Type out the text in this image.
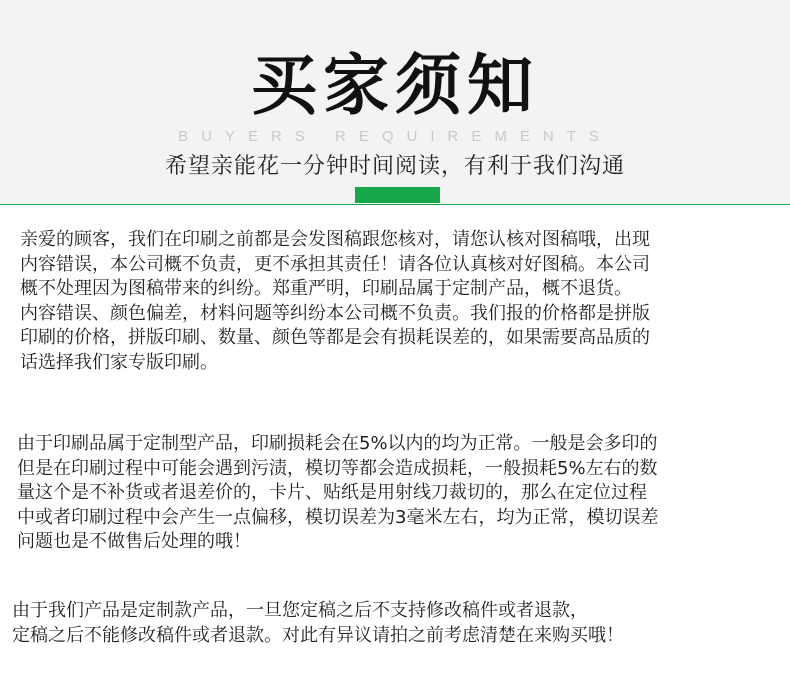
买家须知
BUYERS REQUIREMENTS
希望亲能花一分钟时间阅读，有利于我们沟通

亲爱的顾客，我们在印刷之前都是会发图稿跟您核对，请您认核对图稿哦，出现
内容错误，本公司概不负责，更不承担其责任！请各位认真核对好图稿。本公司
概不处理因为图稿带来的纠纷。郑重严明，印刷品属于定制产品，概不退货。
内容错误、颜色偏差，材料问题等纠纷本公司概不负责。我们报的价格都是拼版
印刷的价格，拼版印刷、数量、颜色等都是会有损耗误差的，如果需要高品质的
话选择我们家专版印刷。

由于印刷品属于定制型产品，印刷损耗会在5%以内的均为正常。一般是会多印的
但是在印刷过程中可能会遇到污渍，模切等都会造成损耗，一般损耗5%左右的数
量这个是不补货或者退差价的，卡片、贴纸是用射线刀裁切的，那么在定位过程
中或者印刷过程中会产生一点偏移，模切误差为3毫米左右，均为正常，模切误差
问题也是不做售后处理的哦！

由于我们产品是定制款产品，一旦您定稿之后不支持修改稿件或者退款，
定稿之后不能修改稿件或者退款。对此有异议请拍之前考虑清楚在来购买哦！
